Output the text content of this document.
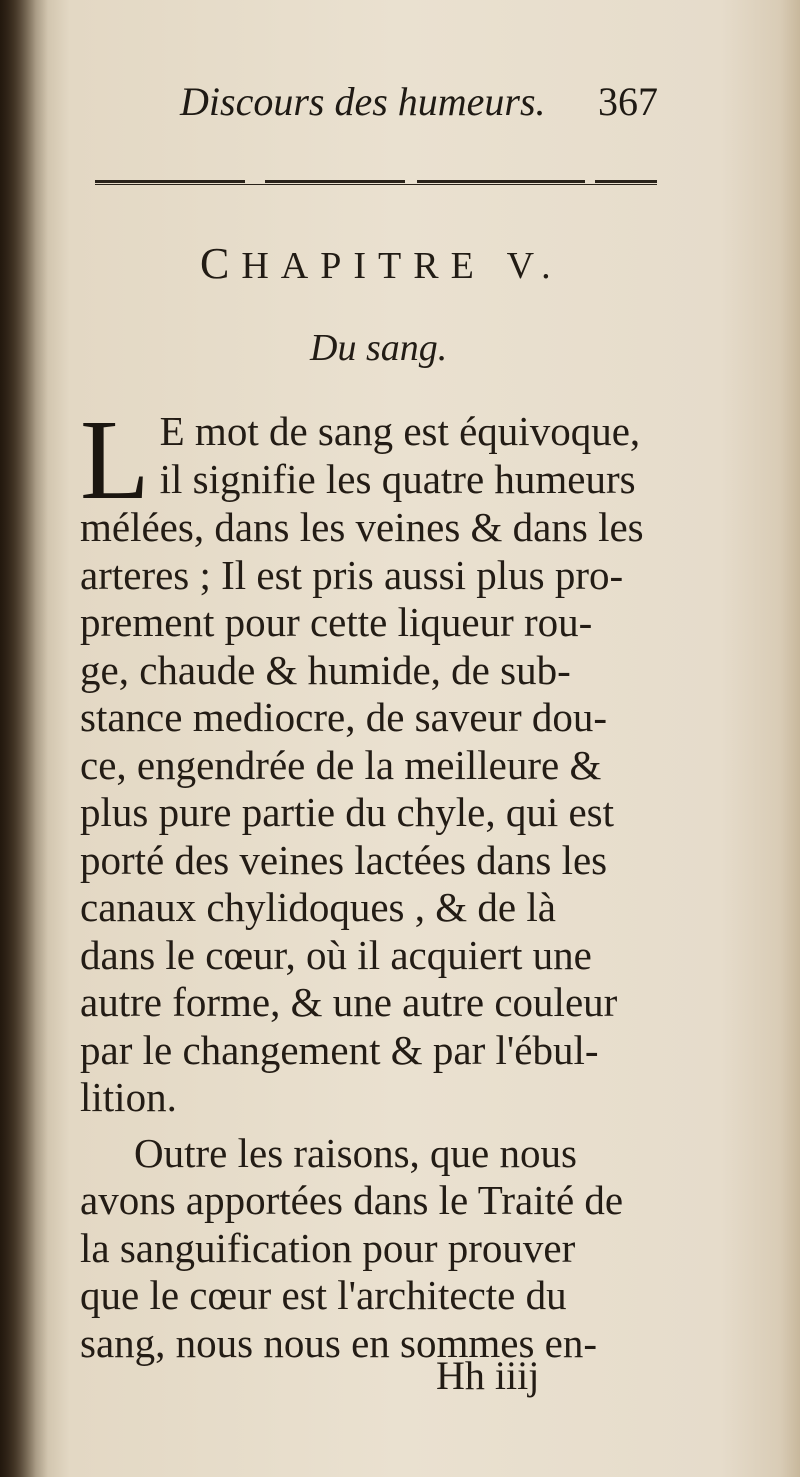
Discours des humeurs. 367
CHAPITRE V.
Du sang.
L E mot de sang est équivoque,
il signifie les quatre humeurs
mélées, dans les veines & dans les
arteres ; Il est pris aussi plus pro-
prement pour cette liqueur rou-
ge, chaude & humide, de sub-
stance mediocre, de saveur dou-
ce, engendrée de la meilleure &
plus pure partie du chyle, qui est
porté des veines lactées dans les
canaux chylidoques , & de là
dans le cœur, où il acquiert une
autre forme, & une autre couleur
par le changement & par l'ébul-
lition.
Outre les raisons, que nous
avons apportées dans le Traité de
la sanguification pour prouver
que le cœur est l'architecte du
sang, nous nous en sommes en-
Hh iiij
